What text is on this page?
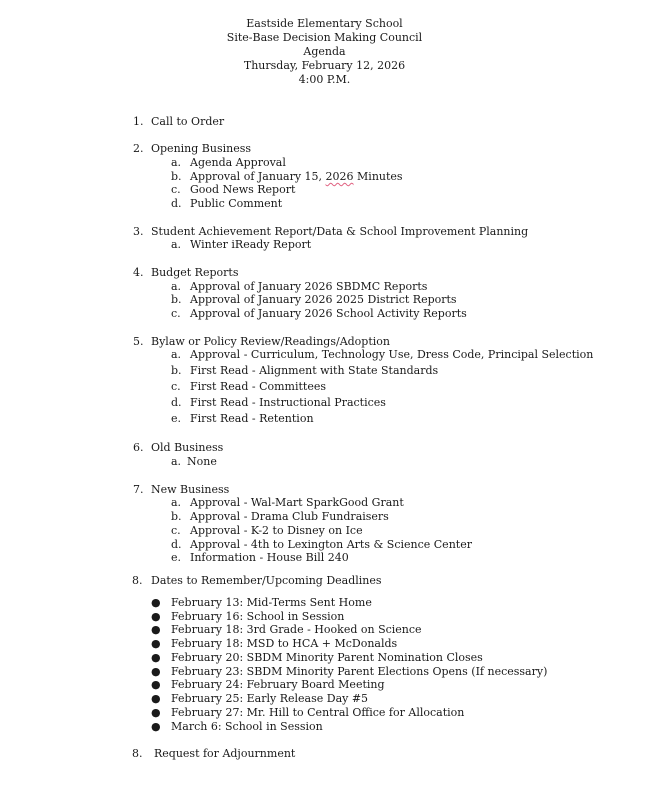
Eastside Elementary School
Site-Base Decision Making Council
Agenda
Thursday, February 12, 2026
4:00 P.M.
1. Call to Order
2. Opening Business
a. Agenda Approval
b. Approval of January 15, 2026 Minutes
c. Good News Report
d. Public Comment
3. Student Achievement Report/Data & School Improvement Planning
a. Winter iReady Report
4. Budget Reports
a. Approval of January 2026 SBDMC Reports
b. Approval of January 2026 2025 District Reports
c. Approval of January 2026 School Activity Reports
5. Bylaw or Policy Review/Readings/Adoption
a. Approval - Curriculum, Technology Use, Dress Code, Principal Selection
b. First Read - Alignment with State Standards
c. First Read - Committees
d. First Read - Instructional Practices
e. First Read - Retention
6. Old Business
a. None
7. New Business
a. Approval - Wal-Mart SparkGood Grant
b. Approval - Drama Club Fundraisers
c. Approval - K-2 to Disney on Ice
d. Approval - 4th to Lexington Arts & Science Center
e. Information - House Bill 240
8. Dates to Remember/Upcoming Deadlines
● February 13: Mid-Terms Sent Home
● February 16: School in Session
● February 18: 3rd Grade - Hooked on Science
● February 18: MSD to HCA + McDonalds
● February 20: SBDM Minority Parent Nomination Closes
● February 23: SBDM Minority Parent Elections Opens (If necessary)
● February 24: February Board Meeting
● February 25: Early Release Day #5
● February 27: Mr. Hill to Central Office for Allocation
● March 6: School in Session
8. Request for Adjournment
